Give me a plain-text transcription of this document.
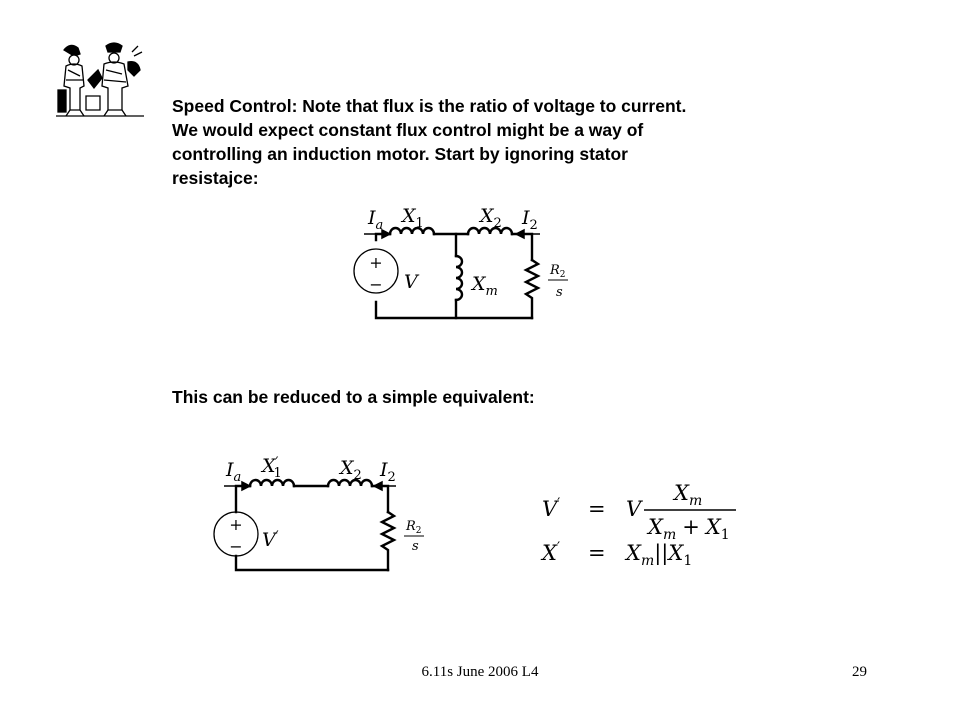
Speed Control: Note that flux is the ratio of voltage to current.
We would expect constant flux control might be a way of
controlling an induction motor. Start by ignoring stator
resistajce:

$I_a$ $X_1$	$X_2$ $I_2$
V	$X_m$
$R_2$
s
+
−

This can be reduced to a simple equivalent:

$I_a$
X′ 1	$X_2$ $I_2$
V′
$R_2$
s
+
−
V′ = V
$X_m$
$X_m + X_1$
$X' = X_m||X_1$
6.11s June 2006 L4	29
